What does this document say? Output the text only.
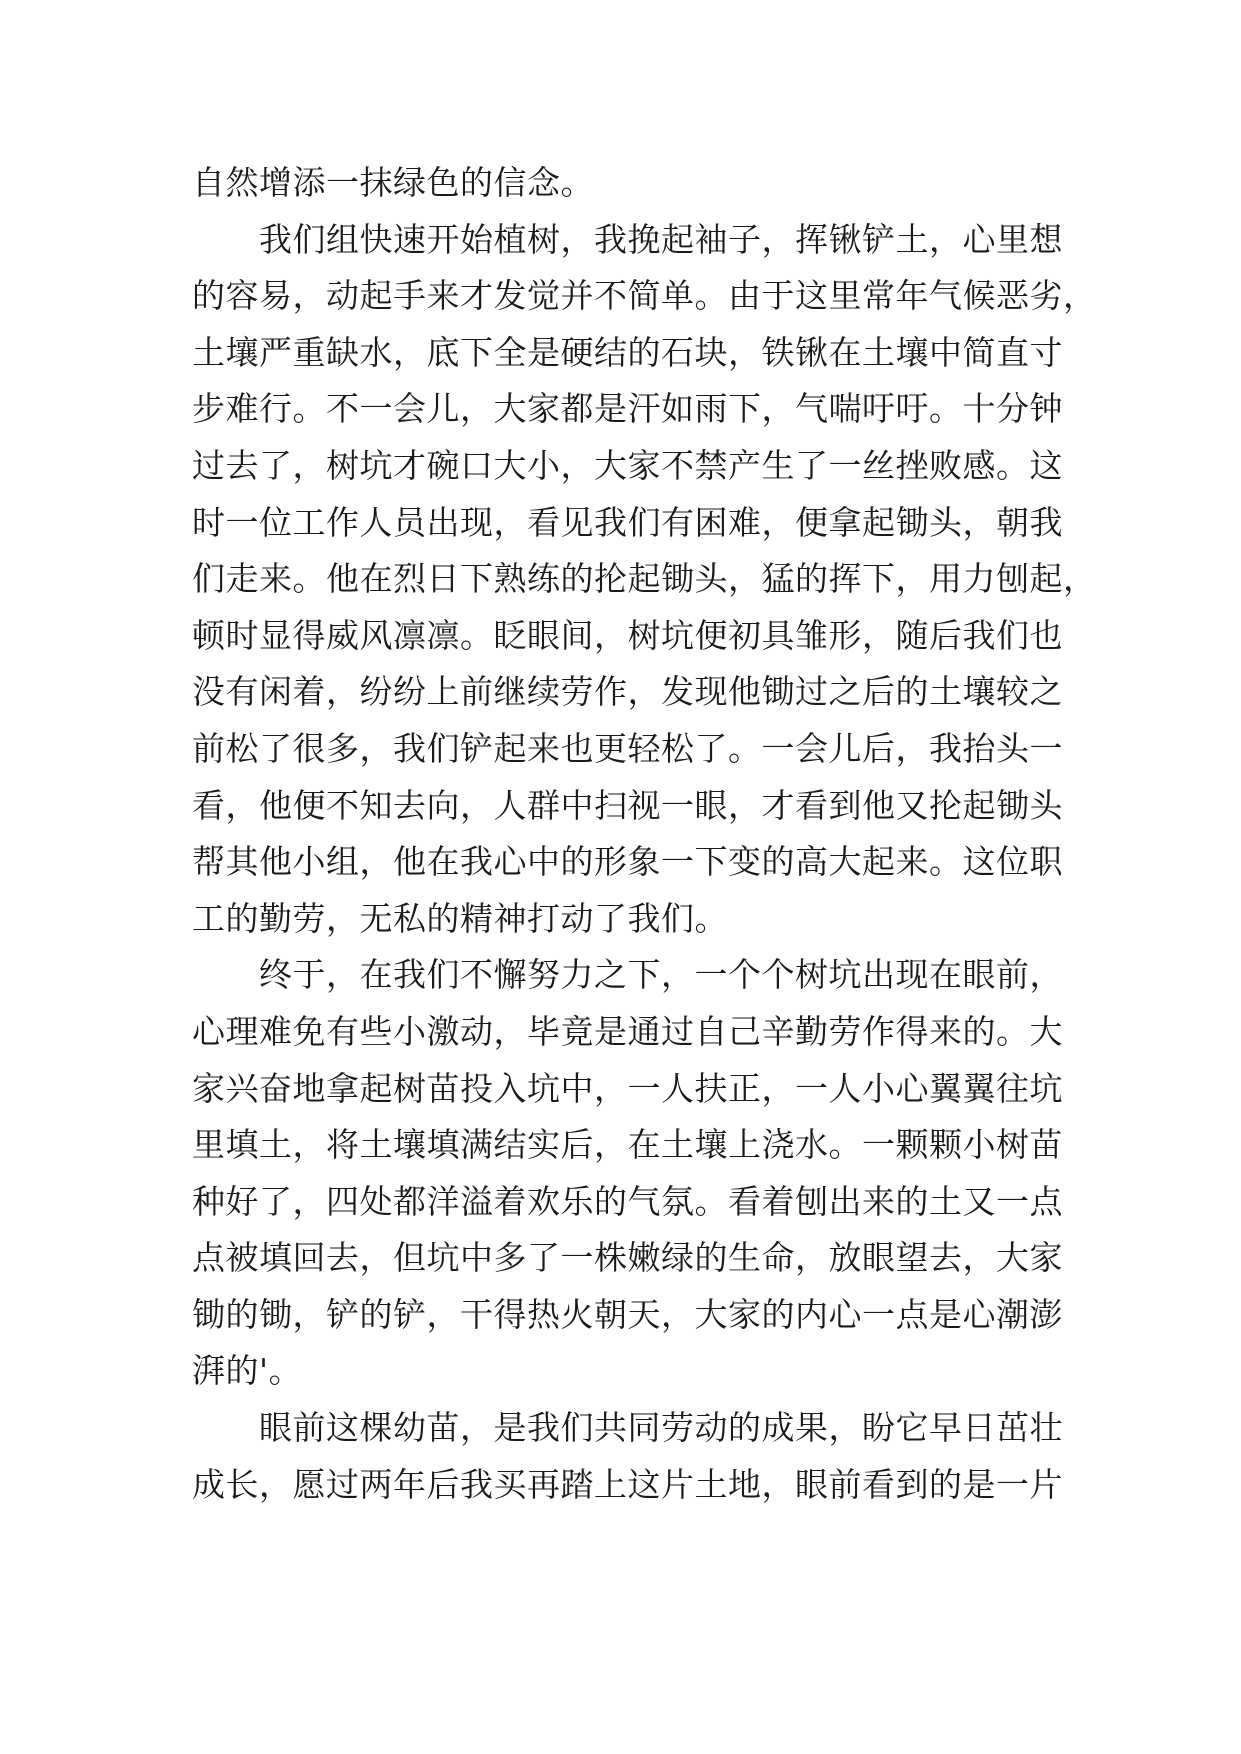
自然增添一抹绿色的信念。
我们组快速开始植树，我挽起袖子，挥锹铲土，心里想
的容易，动起手来才发觉并不简单。由于这里常年气候恶劣，
土壤严重缺水，底下全是硬结的石块，铁锹在土壤中简直寸
步难行。不一会儿，大家都是汗如雨下，气喘吁吁。十分钟
过去了，树坑才碗口大小，大家不禁产生了一丝挫败感。这
时一位工作人员出现，看见我们有困难，便拿起锄头，朝我
们走来。他在烈日下熟练的抡起锄头，猛的挥下，用力刨起，
顿时显得威风凛凛。眨眼间，树坑便初具雏形，随后我们也
没有闲着，纷纷上前继续劳作，发现他锄过之后的土壤较之
前松了很多，我们铲起来也更轻松了。一会儿后，我抬头一
看，他便不知去向，人群中扫视一眼，才看到他又抡起锄头
帮其他小组，他在我心中的形象一下变的高大起来。这位职
工的勤劳，无私的精神打动了我们。
终于，在我们不懈努力之下，一个个树坑出现在眼前，
心理难免有些小激动，毕竟是通过自己辛勤劳作得来的。大
家兴奋地拿起树苗投入坑中，一人扶正，一人小心翼翼往坑
里填土，将土壤填满结实后，在土壤上浇水。一颗颗小树苗
种好了，四处都洋溢着欢乐的气氛。看着刨出来的土又一点
点被填回去，但坑中多了一株嫩绿的生命，放眼望去，大家
锄的锄，铲的铲，干得热火朝天，大家的内心一点是心潮澎
湃的'。
眼前这棵幼苗，是我们共同劳动的成果，盼它早日茁壮
成长，愿过两年后我买再踏上这片土地，眼前看到的是一片
